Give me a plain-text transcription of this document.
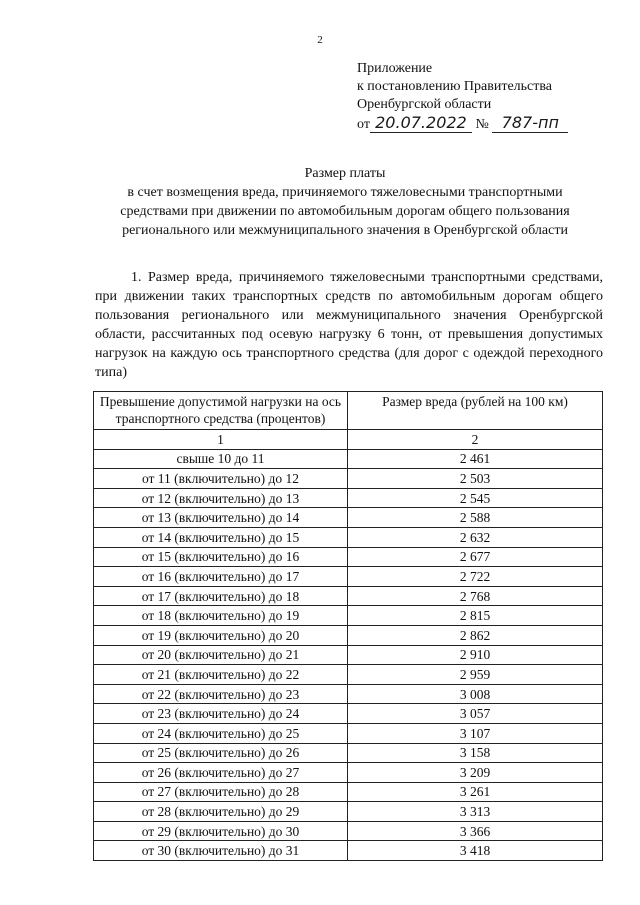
2
Приложение
к постановлению Правительства
Оренбургской области
от 20.07.2022 № 787-пп
Размер платы
в счет возмещения вреда, причиняемого тяжеловесными транспортными
средствами при движении по автомобильным дорогам общего пользования
регионального или межмуниципального значения в Оренбургской области
1. Размер вреда, причиняемого тяжеловесными транспортными средствами, при движении таких транспортных средств по автомобильным дорогам общего пользования регионального или межмуниципального значения Оренбургской области, рассчитанных под осевую нагрузку 6 тонн, от превышения допустимых нагрузок на каждую ось транспортного средства (для дорог с одеждой переходного типа)
Превышение допустимой нагрузки на ось транспортного средства (процентов)	Размер вреда (рублей на 100 км)
1	2
свыше 10 до 11	2 461
от 11 (включительно) до 12	2 503
от 12 (включительно) до 13	2 545
от 13 (включительно) до 14	2 588
от 14 (включительно) до 15	2 632
от 15 (включительно) до 16	2 677
от 16 (включительно) до 17	2 722
от 17 (включительно) до 18	2 768
от 18 (включительно) до 19	2 815
от 19 (включительно) до 20	2 862
от 20 (включительно) до 21	2 910
от 21 (включительно) до 22	2 959
от 22 (включительно) до 23	3 008
от 23 (включительно) до 24	3 057
от 24 (включительно) до 25	3 107
от 25 (включительно) до 26	3 158
от 26 (включительно) до 27	3 209
от 27 (включительно) до 28	3 261
от 28 (включительно) до 29	3 313
от 29 (включительно) до 30	3 366
от 30 (включительно) до 31	3 418
